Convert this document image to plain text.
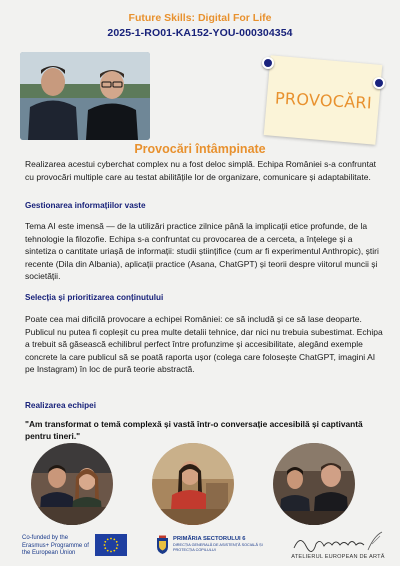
Future Skills: Digital For Life
2025-1-RO01-KA152-YOU-000304354
PROVOCĂRI
Provocări întâmpinate
Realizarea acestui cyberchat complex nu a fost deloc simplă. Echipa României s-a confruntat cu provocări multiple care au testat abilitățile lor de organizare, comunicare și adaptabilitate.
Gestionarea informațiilor vaste
Tema AI este imensă — de la utilizări practice zilnice până la implicații etice profunde, de la tehnologie la filozofie. Echipa s-a confruntat cu provocarea de a cerceta, a înțelege și a sintetiza o cantitate uriașă de informații: studii științifice (cum ar fi experimentul Anthropic), știri recente (Dila din Albania), aplicații practice (Asana, ChatGPT) și teorii despre viitorul muncii și societății.
Selecția și prioritizarea conținutului
Poate cea mai dificilă provocare a echipei României: ce să includă și ce să lase deoparte. Publicul nu putea fi copleșit cu prea multe detalii tehnice, dar nici nu trebuia subestimat. Echipa a trebuit să găsească echilibrul perfect între profunzime și accesibilitate, alegând exemple concrete la care publicul să se poată raporta ușor (colega care folosește ChatGPT, imagini AI pe Instagram) în loc de pură teorie abstractă.
Realizarea echipei
"Am transformat o temă complexă și vastă într-o conversație accesibilă și captivantă pentru tineri."
Co-funded by the Erasmus+ Programme of the European Union
PRIMĂRIA SECTORULUI 6
DIRECȚIA GENERALĂ DE ASISTENȚĂ SOCIALĂ ȘI PROTECȚIA COPILULUI
ATELIERUL EUROPEAN DE ARTĂ
